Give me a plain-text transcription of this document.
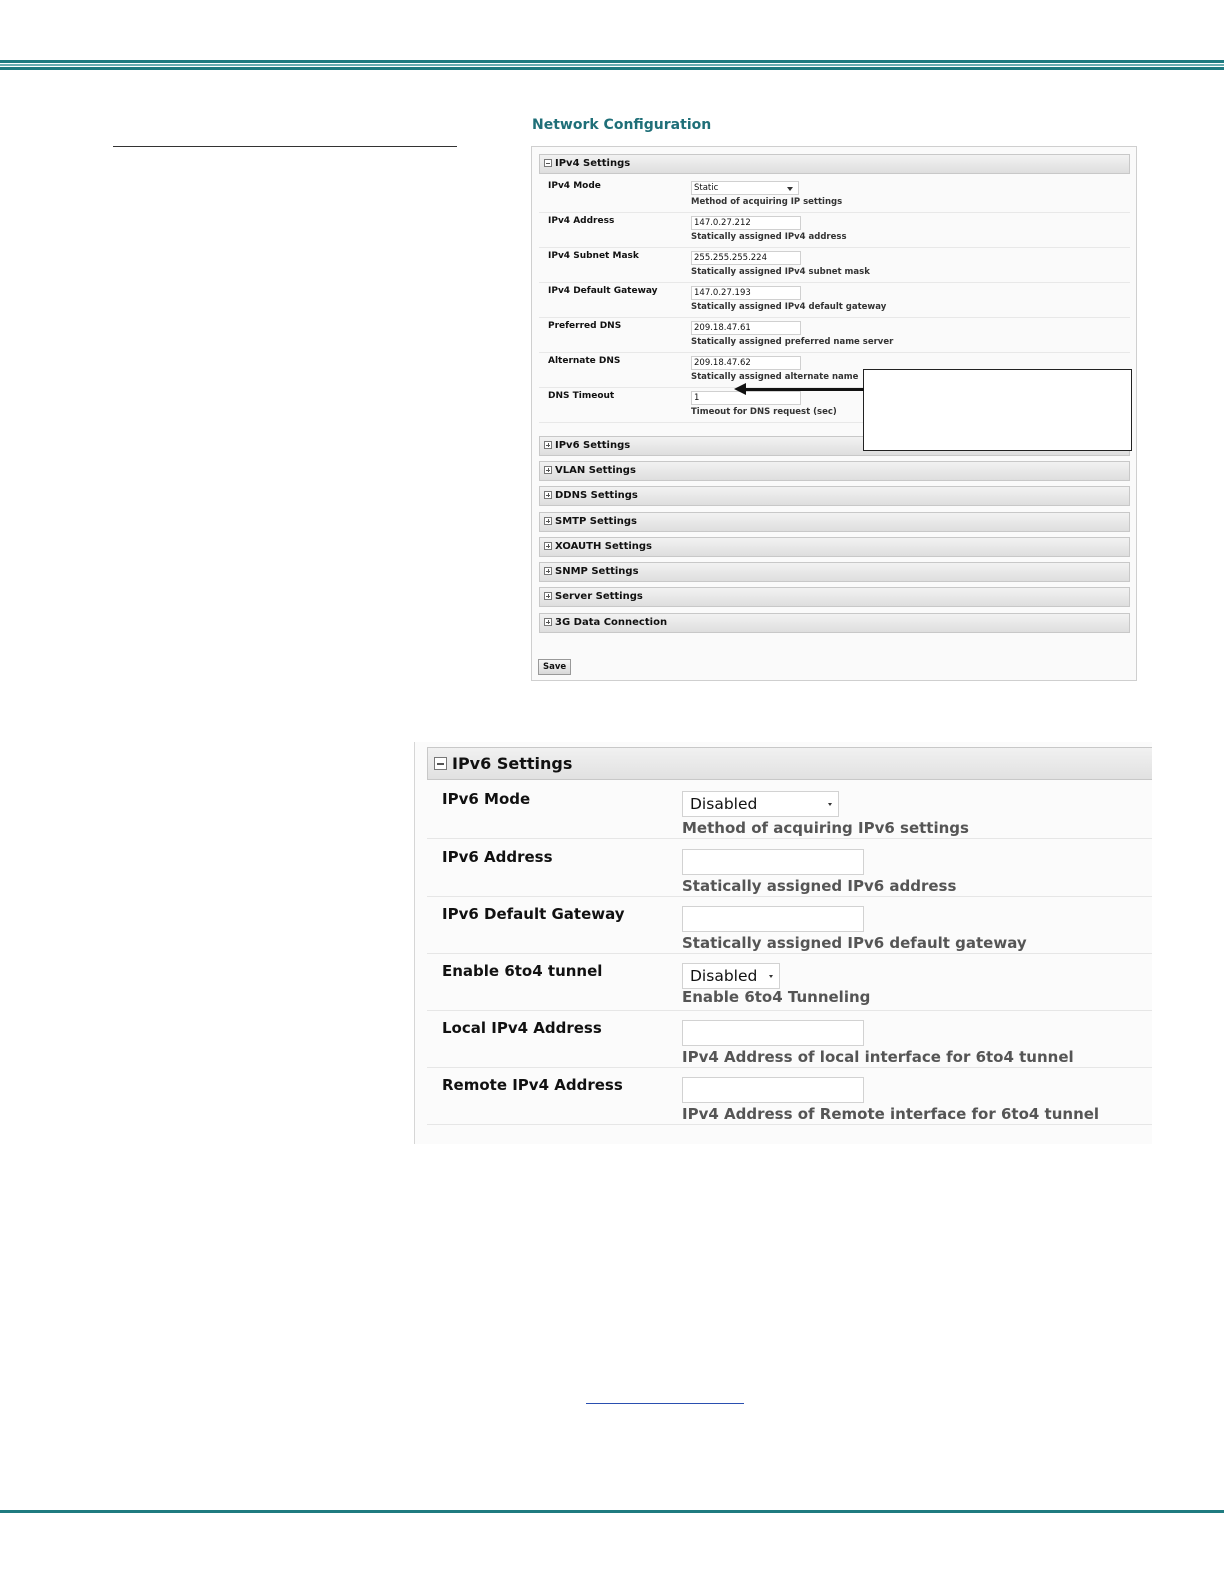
Network Configuration
IPv4 Settings
IPv4 Mode	Static
Method of acquiring IP settings
IPv4 Address	147.0.27.212
Statically assigned IPv4 address
IPv4 Subnet Mask	255.255.255.224
Statically assigned IPv4 subnet mask
IPv4 Default Gateway	147.0.27.193
Statically assigned IPv4 default gateway
Preferred DNS	209.18.47.61
Statically assigned preferred name server
Alternate DNS	209.18.47.62
Statically assigned alternate name
DNS Timeout	1
Timeout for DNS request (sec)
IPv6 Settings
VLAN Settings
DDNS Settings
SMTP Settings
XOAUTH Settings
SNMP Settings
Server Settings
3G Data Connection
Save
IPv6 Settings
IPv6 Mode	Disabled
Method of acquiring IPv6 settings
IPv6 Address
Statically assigned IPv6 address
IPv6 Default Gateway
Statically assigned IPv6 default gateway
Enable 6to4 tunnel	Disabled
Enable 6to4 Tunneling
Local IPv4 Address
IPv4 Address of local interface for 6to4 tunnel
Remote IPv4 Address
IPv4 Address of Remote interface for 6to4 tunnel
